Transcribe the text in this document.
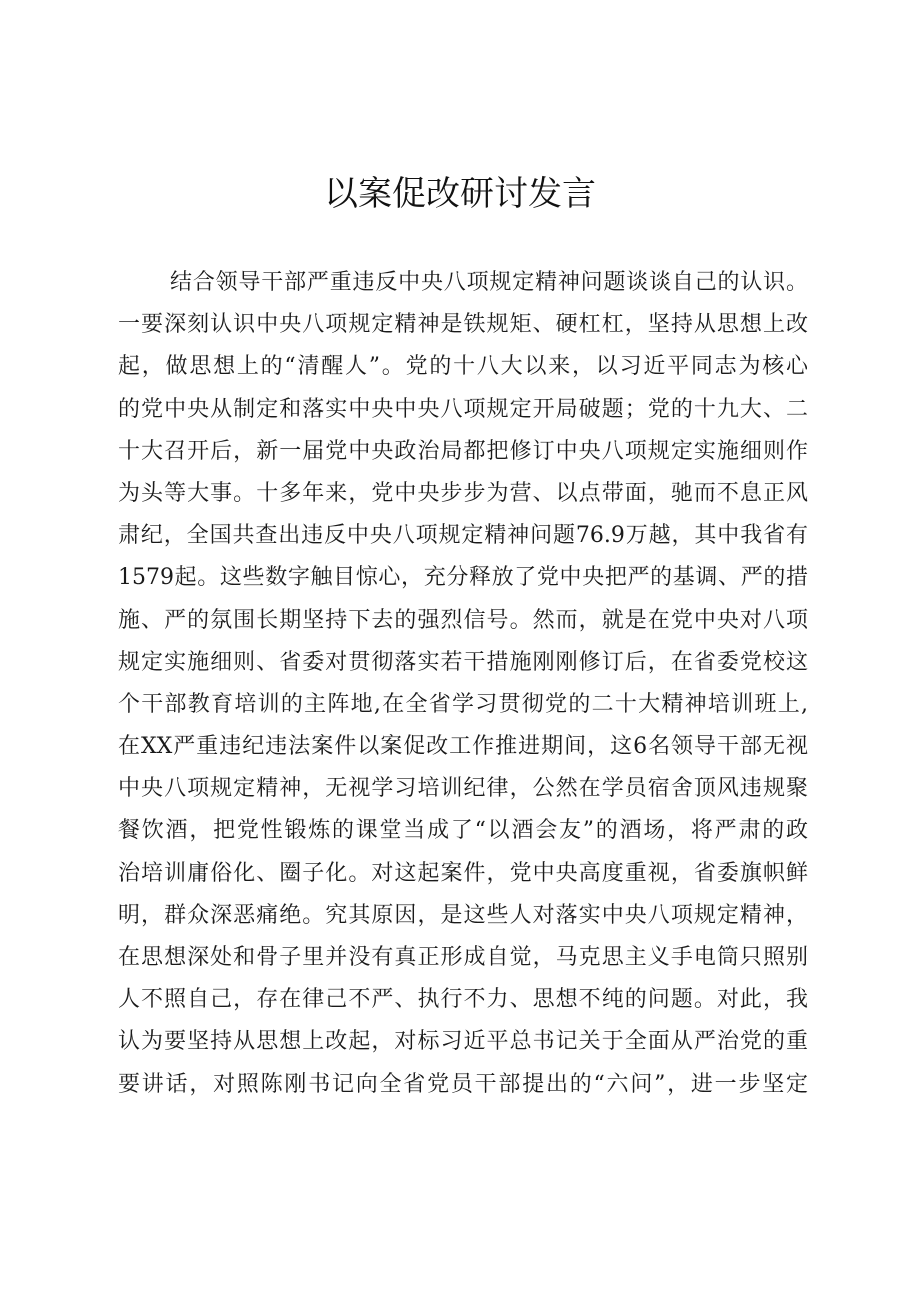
以案促改研讨发言
结合领导干部严重违反中央八项规定精神问题谈谈自己的认识。
一要深刻认识中央八项规定精神是铁规矩、硬杠杠，坚持从思想上改
起，做思想上的“清醒人”。党的十八大以来，以习近平同志为核心
的党中央从制定和落实中央中央八项规定开局破题；党的十九大、二
十大召开后，新一届党中央政治局都把修订中央八项规定实施细则作
为头等大事。十多年来，党中央步步为营、以点带面，驰而不息正风
肃纪，全国共查出违反中央八项规定精神问题76.9万越，其中我省有
1579起。这些数字触目惊心，充分释放了党中央把严的基调、严的措
施、严的氛围长期坚持下去的强烈信号。然而，就是在党中央对八项
规定实施细则、省委对贯彻落实若干措施刚刚修订后，在省委党校这
个干部教育培训的主阵地,在全省学习贯彻党的二十大精神培训班上,
在XX严重违纪违法案件以案促改工作推进期间，这6名领导干部无视
中央八项规定精神，无视学习培训纪律，公然在学员宿舍顶风违规聚
餐饮酒，把党性锻炼的课堂当成了“以酒会友”的酒场，将严肃的政
治培训庸俗化、圈子化。对这起案件，党中央高度重视，省委旗帜鲜
明，群众深恶痛绝。究其原因，是这些人对落实中央八项规定精神，
在思想深处和骨子里并没有真正形成自觉，马克思主义手电筒只照别
人不照自己，存在律己不严、执行不力、思想不纯的问题。对此，我
认为要坚持从思想上改起，对标习近平总书记关于全面从严治党的重
要讲话，对照陈刚书记向全省党员干部提出的“六问”，进一步坚定
